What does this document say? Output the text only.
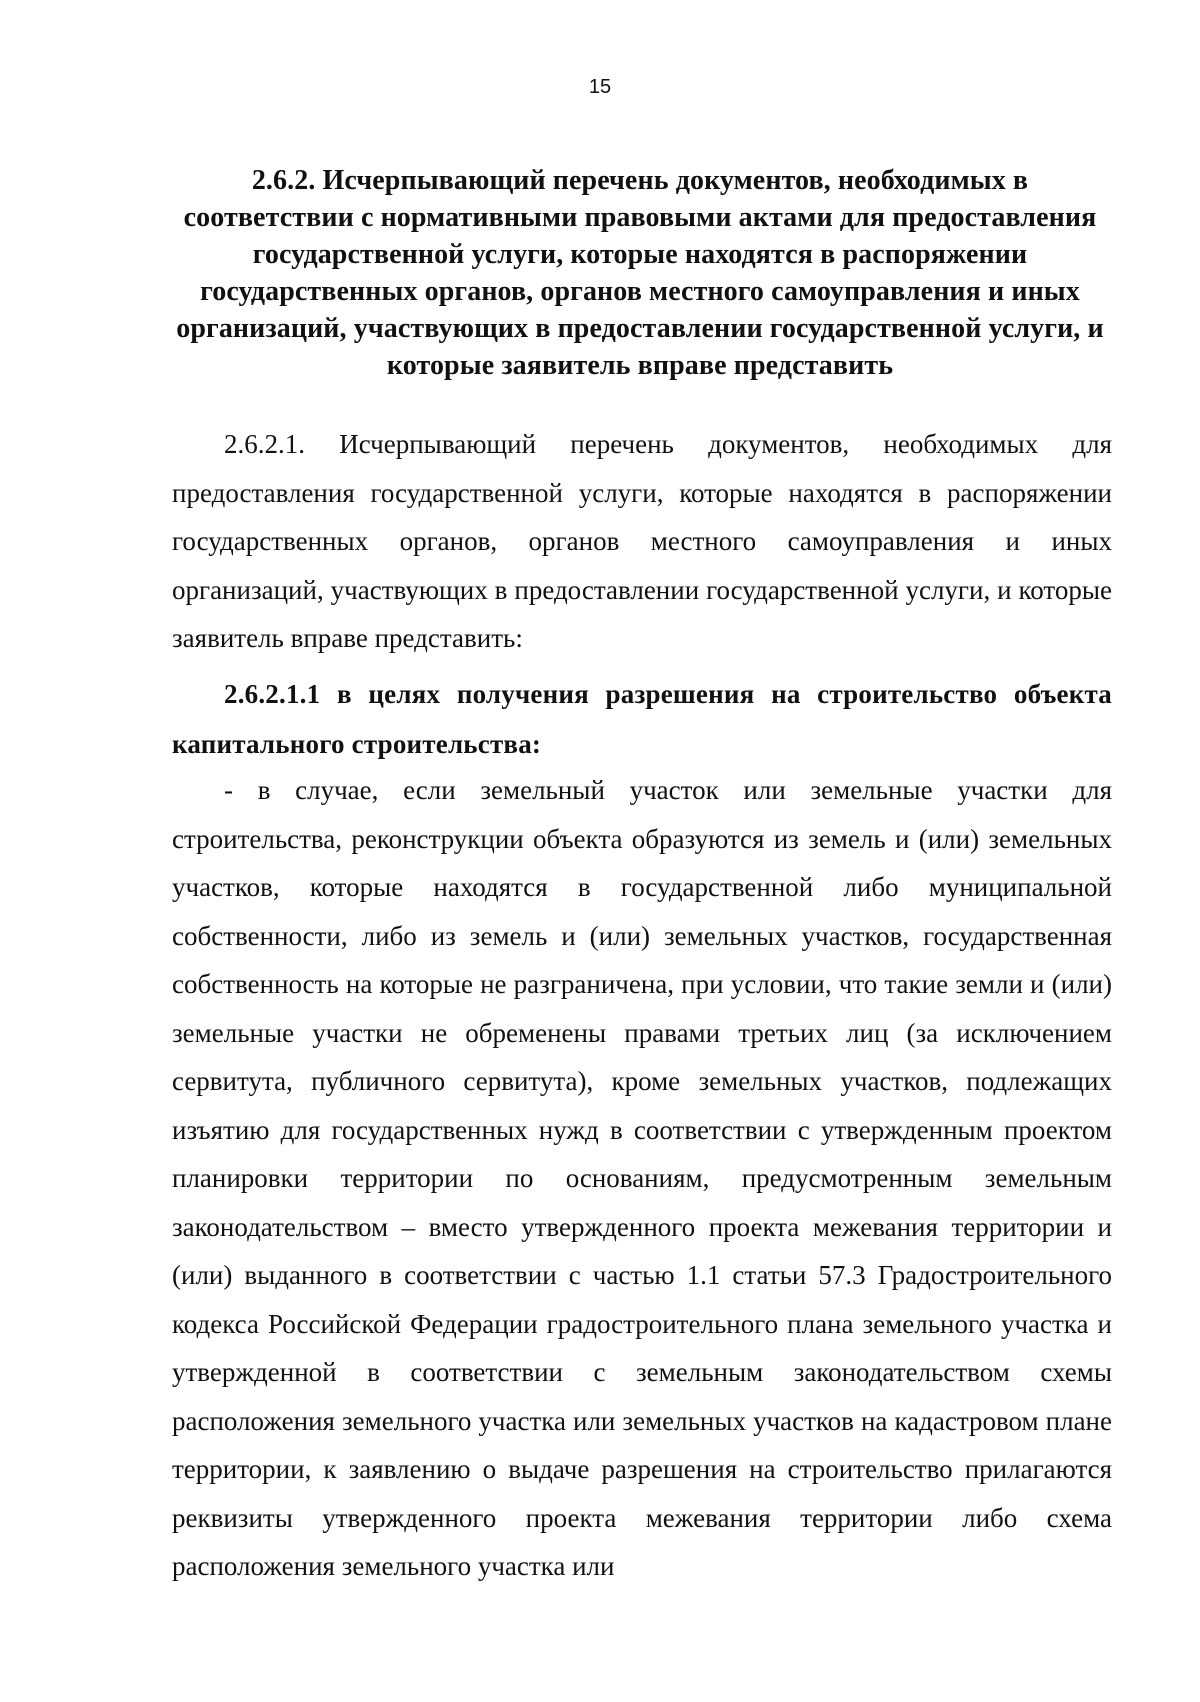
15

2.6.2. Исчерпывающий перечень документов, необходимых в соответствии с нормативными правовыми актами для предоставления государственной услуги, которые находятся в распоряжении государственных органов, органов местного самоуправления и иных организаций, участвующих в предоставлении государственной услуги, и которые заявитель вправе представить

2.6.2.1. Исчерпывающий перечень документов, необходимых для предоставления государственной услуги, которые находятся в распоряжении государственных органов, органов местного самоуправления и иных организаций, участвующих в предоставлении государственной услуги, и которые заявитель вправе представить:

2.6.2.1.1 в целях получения разрешения на строительство объекта капитального строительства:

- в случае, если земельный участок или земельные участки для строительства, реконструкции объекта образуются из земель и (или) земельных участков, которые находятся в государственной либо муниципальной собственности, либо из земель и (или) земельных участков, государственная собственность на которые не разграничена, при условии, что такие земли и (или) земельные участки не обременены правами третьих лиц (за исключением сервитута, публичного сервитута), кроме земельных участков, подлежащих изъятию для государственных нужд в соответствии с утвержденным проектом планировки территории по основаниям, предусмотренным земельным законодательством – вместо утвержденного проекта межевания территории и (или) выданного в соответствии с частью 1.1 статьи 57.3 Градостроительного кодекса Российской Федерации градостроительного плана земельного участка и утвержденной в соответствии с земельным законодательством схемы расположения земельного участка или земельных участков на кадастровом плане территории, к заявлению о выдаче разрешения на строительство прилагаются реквизиты утвержденного проекта межевания территории либо схема расположения земельного участка или
